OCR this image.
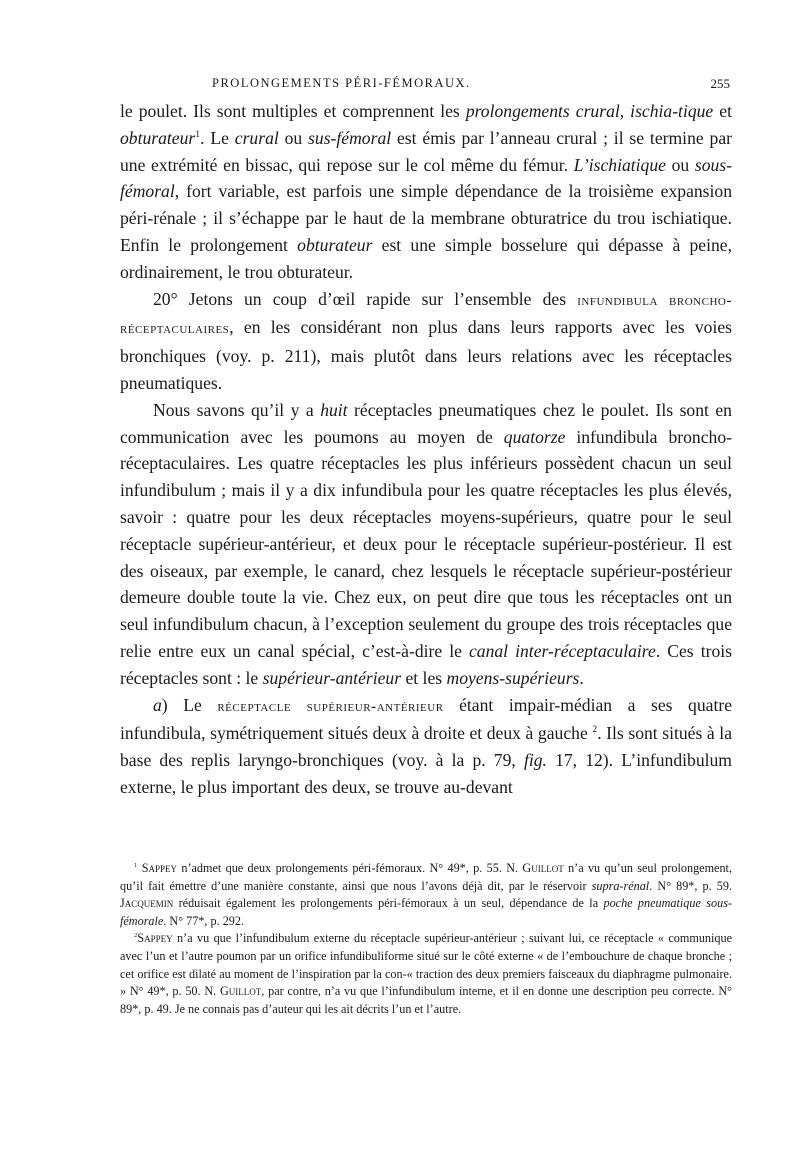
PROLONGEMENTS PÉRI-FÉMORAUX.	255

le poulet. Ils sont multiples et comprennent les prolongements crural, ischia-tique et obturateur$^1$. Le crural ou sus-fémoral est émis par l’anneau crural ; il se termine par une extrémité en bissac, qui repose sur le col même du fémur. L’ischiatique ou sous-fémoral, fort variable, est parfois une simple dépendance de la troisième expansion péri-rénale ; il s’échappe par le haut de la membrane obturatrice du trou ischiatique. Enfin le prolongement obturateur est une simple bosselure qui dépasse à peine, ordinairement, le trou obturateur.

20° Jetons un coup d’œil rapide sur l’ensemble des infundibula broncho-réceptaculaires, en les considérant non plus dans leurs rapports avec les voies bronchiques (voy. p. 211), mais plutôt dans leurs relations avec les réceptacles pneumatiques.

Nous savons qu’il y a huit réceptacles pneumatiques chez le poulet. Ils sont en communication avec les poumons au moyen de quatorze infundibula broncho-réceptaculaires. Les quatre réceptacles les plus inférieurs possèdent chacun un seul infundibulum ; mais il y a dix infundibula pour les quatre réceptacles les plus élevés, savoir : quatre pour les deux réceptacles moyens-supérieurs, quatre pour le seul réceptacle supérieur-antérieur, et deux pour le réceptacle supérieur-postérieur. Il est des oiseaux, par exemple, le canard, chez lesquels le réceptacle supérieur-postérieur demeure double toute la vie. Chez eux, on peut dire que tous les réceptacles ont un seul infundibulum chacun, à l’exception seulement du groupe des trois réceptacles que relie entre eux un canal spécial, c’est-à-dire le canal inter-réceptaculaire. Ces trois réceptacles sont : le supérieur-antérieur et les moyens-supérieurs.

a) Le réceptacle supérieur-antérieur étant impair-médian a ses quatre infundibula, symétriquement situés deux à droite et deux à gauche $^2$. Ils sont situés à la base des replis laryngo-bronchiques (voy. à la p. 79, fig. 17, 12). L’infundibulum externe, le plus important des deux, se trouve au-devant

$^1$ Sappey n’admet que deux prolongements péri-fémoraux. N° 49*, p. 55. N. Guillot n’a vu qu’un seul prolongement, qu’il fait émettre d’une manière constante, ainsi que nous l’avons déjà dit, par le réservoir supra-rénal. N° 89*, p. 59. Jacquemin réduisait également les prolongements péri-fémoraux à un seul, dépendance de la poche pneumatique sous-fémorale. N° 77*, p. 292.

$^2$Sappey n’a vu que l’infundibulum externe du réceptacle supérieur-antérieur ; suivant lui, ce réceptacle « communique avec l’un et l’autre poumon par un orifice infundibuliforme situé sur le côté externe « de l’embouchure de chaque bronche ; cet orifice est dilaté au moment de l’inspiration par la con-« traction des deux premiers faisceaux du diaphragme pulmonaire. » N° 49*, p. 50. N. Guillot, par contre, n’a vu que l’infundibulum interne, et il en donne une description peu correcte. N° 89*, p. 49. Je ne connais pas d’auteur qui les ait décrits l’un et l’autre.
